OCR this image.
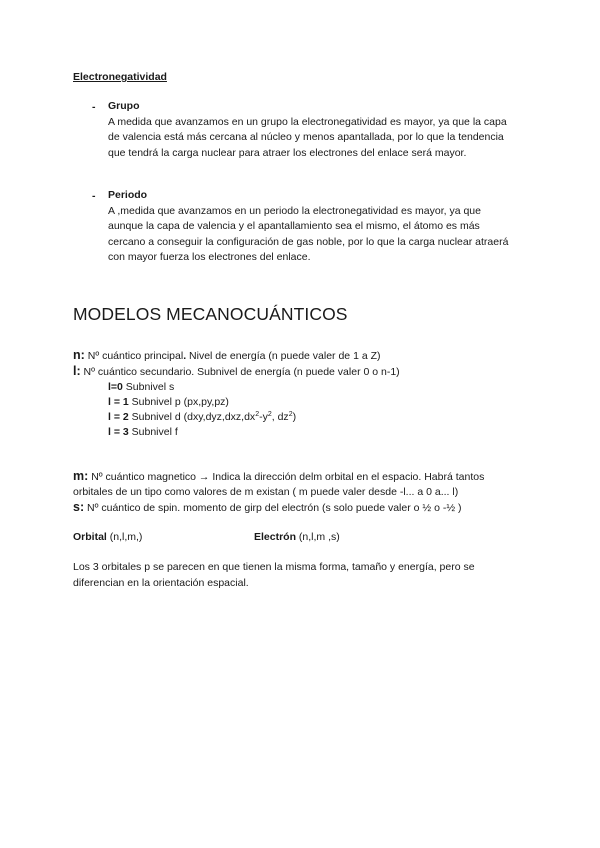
Electronegatividad
- Grupo
A medida que avanzamos en un grupo la electronegatividad es mayor, ya que la capa de valencia está más cercana al núcleo y menos apantallada, por lo que la tendencia que tendrá la carga nuclear para atraer los electrones del enlace será mayor.
- Periodo
A ,medida que avanzamos en un periodo la electronegatividad es mayor, ya que aunque la capa de valencia y el apantallamiento sea el mismo, el átomo es más cercano a conseguir la configuración de gas noble, por lo que la carga nuclear atraerá con mayor fuerza los electrones del enlace.
MODELOS MECANOCUÁNTICOS
n: Nº cuántico principal. Nivel de energía (n puede valer de 1 a Z)
l: Nº cuántico secundario. Subnivel de energía (n puede valer 0 o n-1)
l=0 Subnivel s
l = 1 Subnivel p (px,py,pz)
l = 2 Subnivel d ($dxy,dyz,dxz,dx^2-y^2$, $dz^2$)
l = 3 Subnivel f
m: Nº cuántico magnetico → Indica la dirección delm orbital en el espacio. Habrá tantos
orbitales de un tipo como valores de m existan ( m puede valer desde -l... a 0 a... l)
s: Nº cuántico de spin. momento de girp del electrón (s solo puede valer o ½ o -½ )
Orbital (n,l,m,)	Electrón (n,l,m ,s)
Los 3 orbitales p se parecen en que tienen la misma forma, tamaño y energía, pero se diferencian en la orientación espacial.
